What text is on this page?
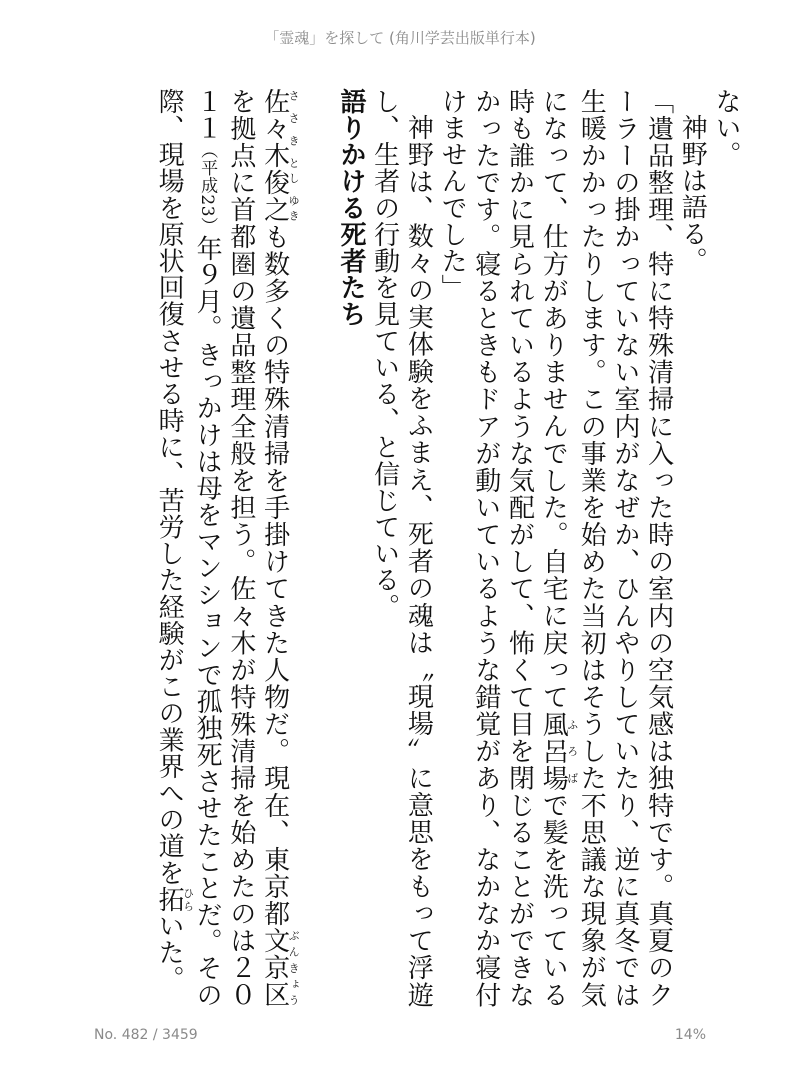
「霊魂」を探して (角川学芸出版単行本)

ない。

神野は語る。

「遺品整理、特に特殊清掃に入った時の室内の空気感は独特です。真夏のクーラーの掛かっていない室内がなぜか、ひんやりしていたり、逆に真冬では生暖かかったりします。この事業を始めた当初はそうした不思議な現象が気になって、仕方がありませんでした。自宅に戻って風呂場ふろばで髪を洗っている時も誰かに見られているような気配がして、怖くて目を閉じることができなかったです。寝るときもドアが動いているような錯覚があり、なかなか寝付けませんでした」

神野は、数々の実体験をふまえ、死者の魂は〝現場〟に意思をもって浮遊し、生者の行動を見ている、と信じている。

語りかける死者たち

佐々木俊之さ さ き とし ゆきも数多くの特殊清掃を手掛けてきた人物だ。現在、東京都文京区ぶんきょうを拠点に首都圏の遺品整理全般を担う。佐々木が特殊清掃を始めたのは２０１１（平成23）年９月。きっかけは母をマンションで孤独死させたことだ。その際、現場を原状回復させる時に、苦労した経験がこの業界への道を拓ひらいた。

No. 482 / 3459	14%
